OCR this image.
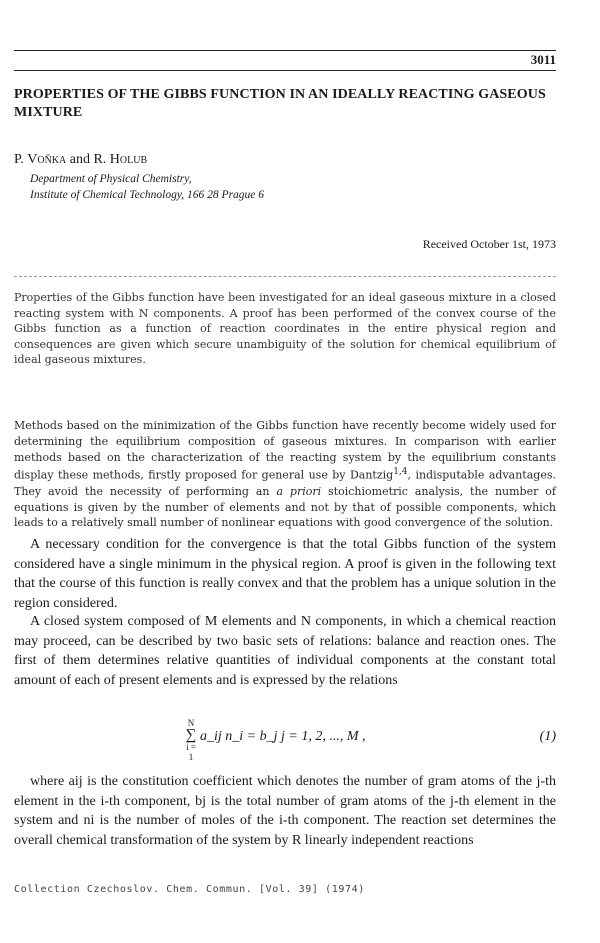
3011
PROPERTIES OF THE GIBBS FUNCTION IN AN IDEALLY REACTING GASEOUS MIXTURE
P. Voňka and R. Holub
Department of Physical Chemistry,
Institute of Chemical Technology, 166 28 Prague 6
Received October 1st, 1973
Properties of the Gibbs function have been investigated for an ideal gaseous mixture in a closed reacting system with N components. A proof has been performed of the convex course of the Gibbs function as a function of reaction coordinates in the entire physical region and consequences are given which secure unambiguity of the solution for chemical equilibrium of ideal gaseous mixtures.
Methods based on the minimization of the Gibbs function have recently become widely used for determining the equilibrium composition of gaseous mixtures. In comparison with earlier methods based on the characterization of the reacting system by the equilibrium constants display these methods, firstly proposed for general use by Dantzig$^{1,4}$, indisputable advantages. They avoid the necessity of performing an a priori stoichiometric analysis, the number of equations is given by the number of elements and not by that of possible components, which leads to a relatively small number of nonlinear equations with good convergence of the solution.

A necessary condition for the convergence is that the total Gibbs function of the system considered have a single minimum in the physical region. A proof is given in the following text that the course of this function is really convex and that the problem has a unique solution in the region considered.

A closed system composed of M elements and N components, in which a chemical reaction may proceed, can be described by two basic sets of relations: balance and reaction ones. The first of them determines relative quantities of individual components at the constant total amount of each of present elements and is expressed by the relations

N
∑
i = 1
a_ij n_i = b_j j = 1, 2, ..., M ,	(1)

where aij is the constitution coefficient which denotes the number of gram atoms of the j-th element in the i-th component, bj is the total number of gram atoms of the j-th element in the system and ni is the number of moles of the i-th component. The reaction set determines the overall chemical transformation of the system by R linearly independent reactions

Collection Czechoslov. Chem. Commun. [Vol. 39] (1974)
